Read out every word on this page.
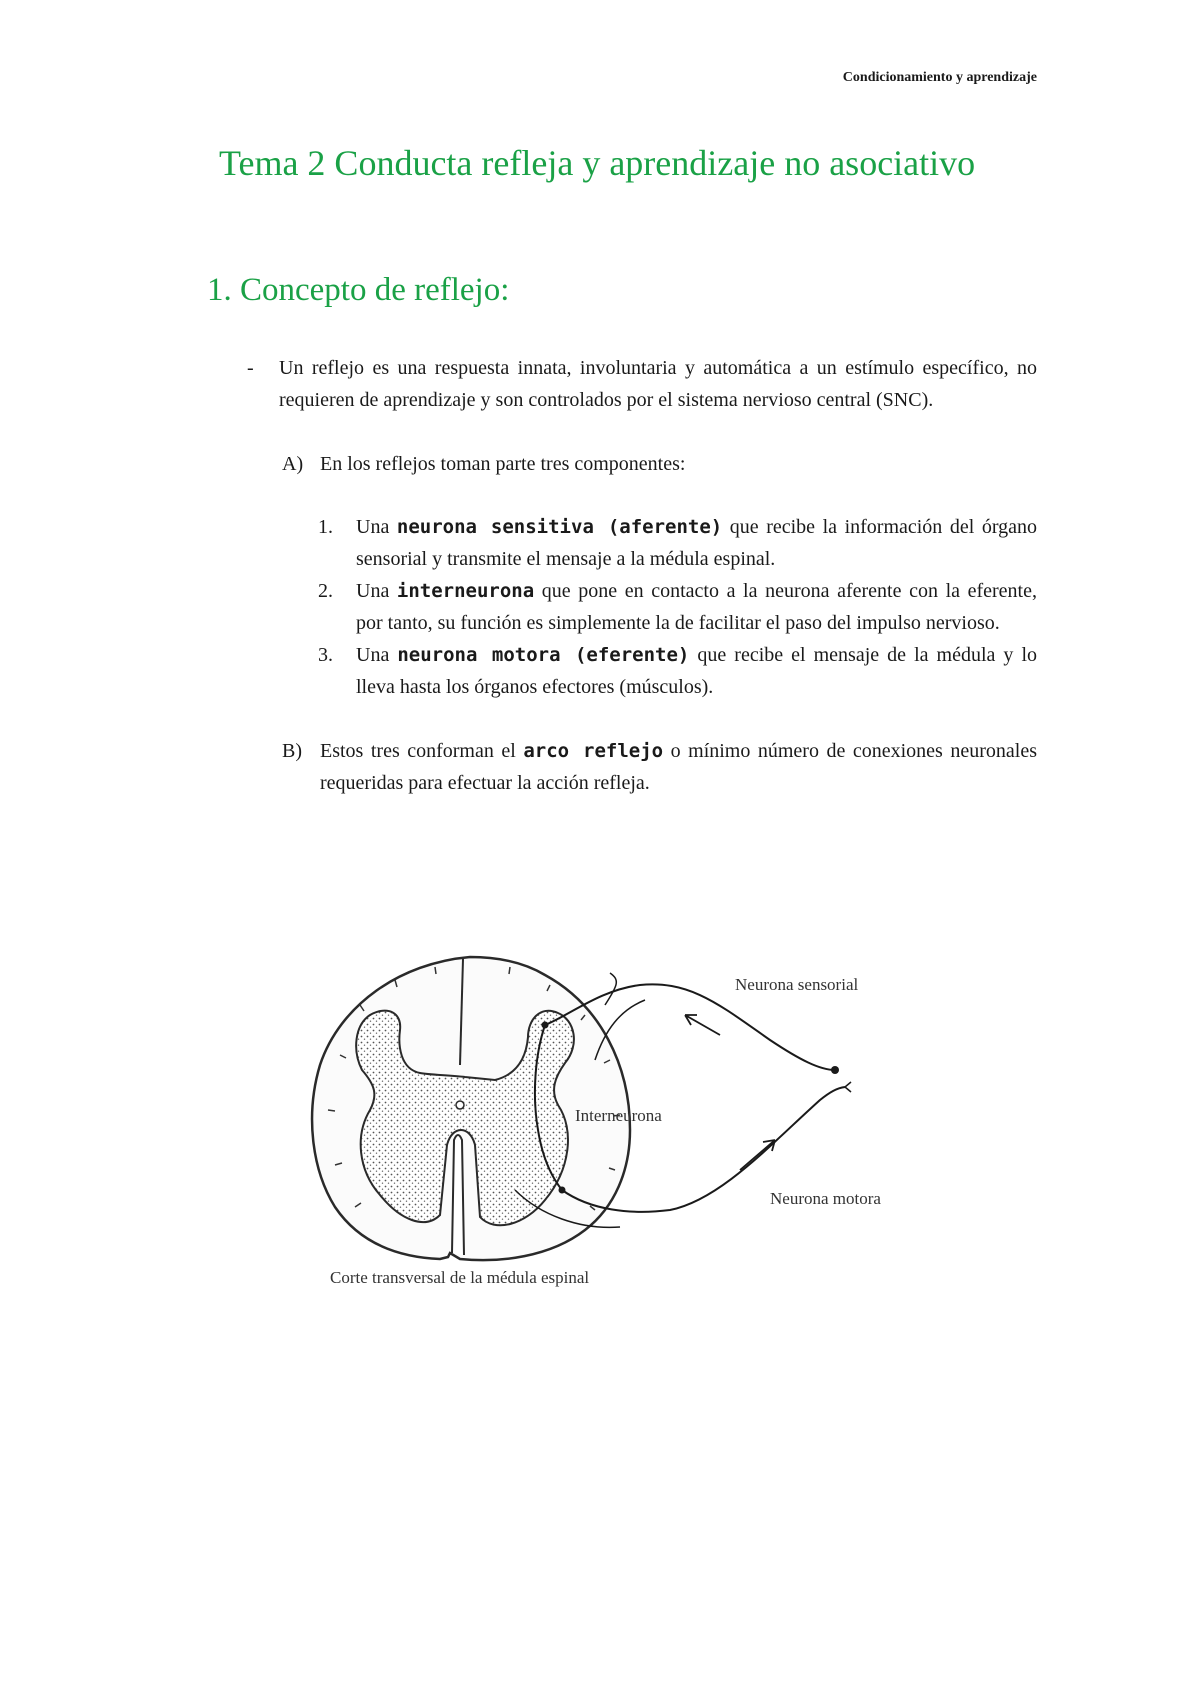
Condicionamiento y aprendizaje
Tema 2 Conducta refleja y aprendizaje no asociativo
1. Concepto de reflejo:
- Un reflejo es una respuesta innata, involuntaria y automática a un estímulo específico, no requieren de aprendizaje y son controlados por el sistema nervioso central (SNC).
A) En los reflejos toman parte tres componentes:
1. Una neurona sensitiva (aferente) que recibe la información del órgano sensorial y transmite el mensaje a la médula espinal.
2. Una interneurona que pone en contacto a la neurona aferente con la eferente, por tanto, su función es simplemente la de facilitar el paso del impulso nervioso.
3. Una neurona motora (eferente) que recibe el mensaje de la médula y lo lleva hasta los órganos efectores (músculos).
B) Estos tres conforman el arco reflejo o mínimo número de conexiones neuronales requeridas para efectuar la acción refleja.
Neurona sensorial
Interneurona
Neurona motora
Corte transversal de la médula espinal
